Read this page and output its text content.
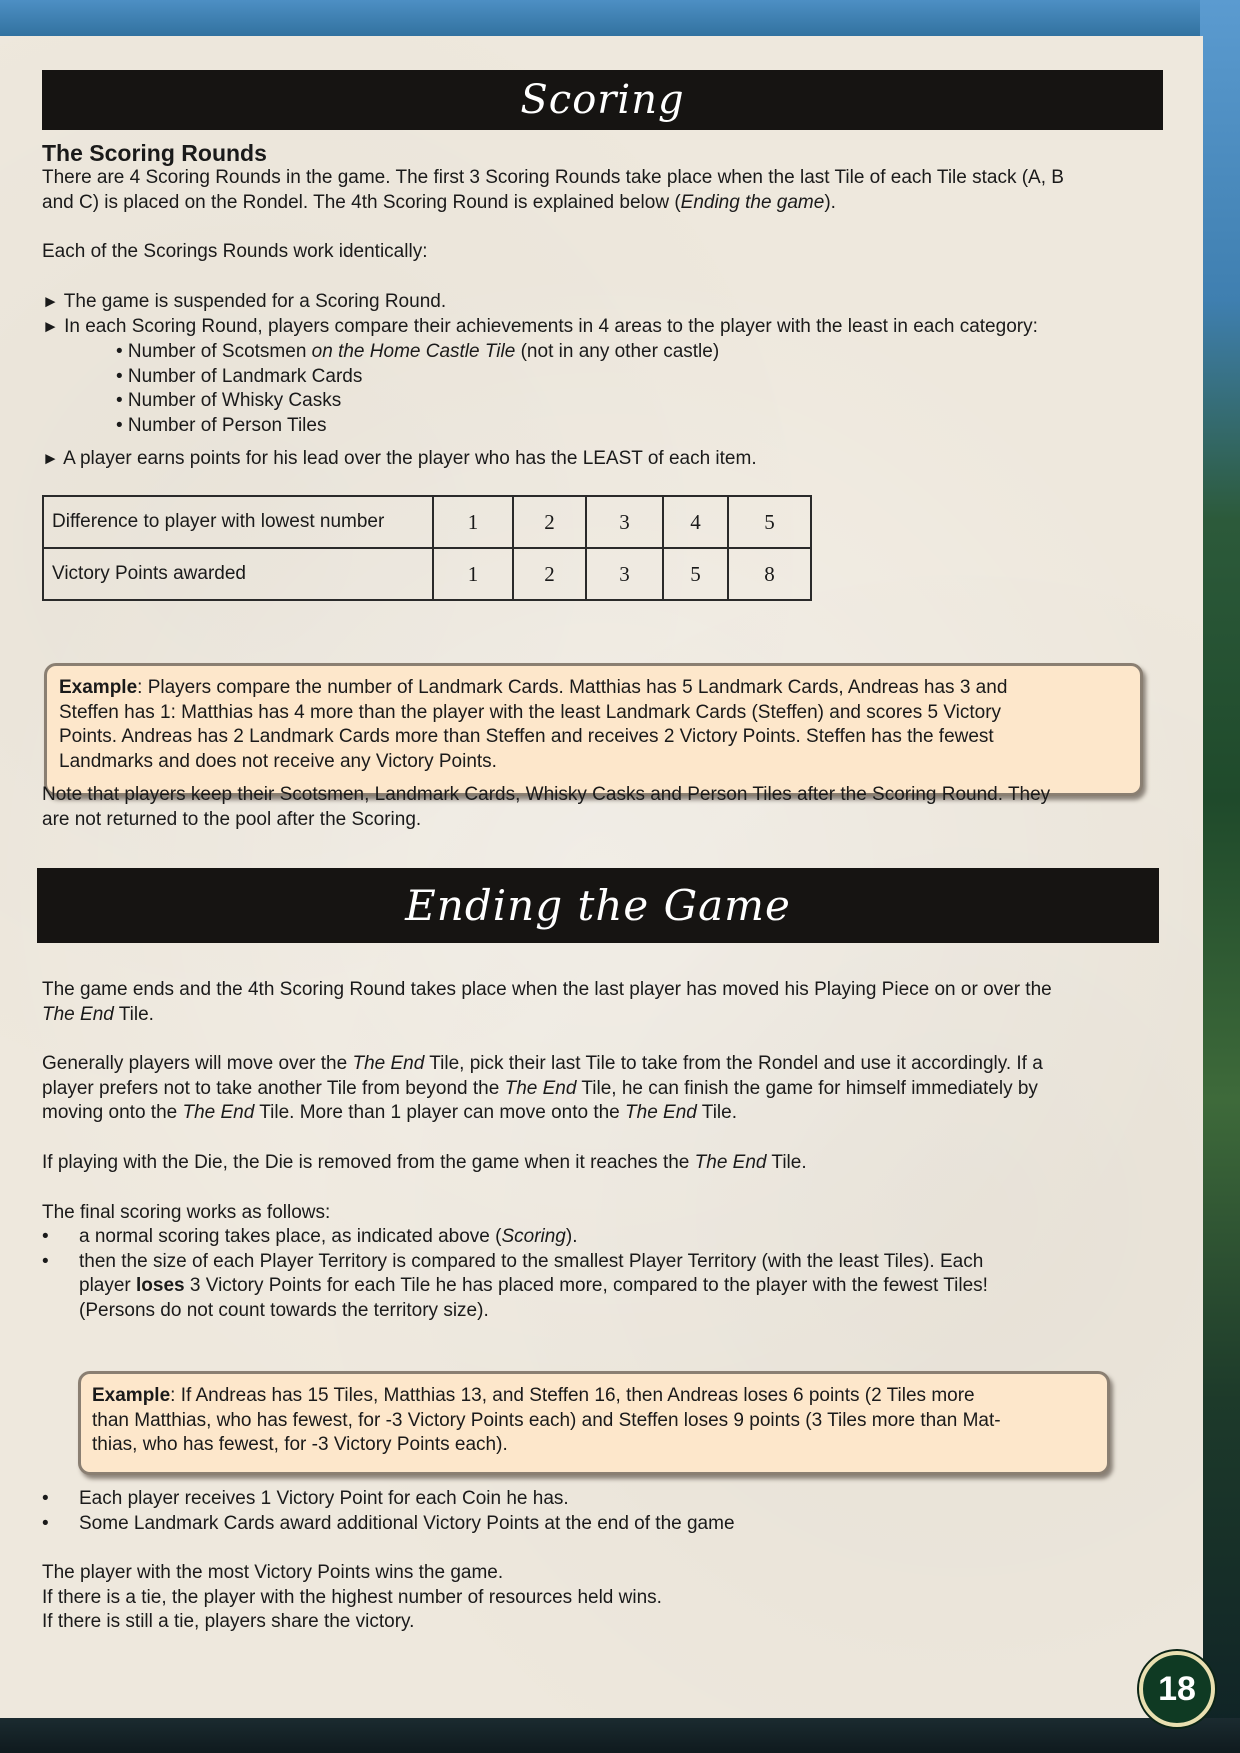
Scoring
The Scoring Rounds
There are 4 Scoring Rounds in the game. The first 3 Scoring Rounds take place when the last Tile of each Tile stack (A, B
and C) is placed on the Rondel. The 4th Scoring Round is explained below (Ending the game).
Each of the Scorings Rounds work identically:
► The game is suspended for a Scoring Round.
► In each Scoring Round, players compare their achievements in 4 areas to the player with the least in each category:
• Number of Scotsmen on the Home Castle Tile (not in any other castle)
• Number of Landmark Cards
• Number of Whisky Casks
• Number of Person Tiles
► A player earns points for his lead over the player who has the LEAST of each item.
Difference to player with lowest number	1	2	3	4	5
Victory Points awarded	1	2	3	5	8
Example: Players compare the number of Landmark Cards. Matthias has 5 Landmark Cards, Andreas has 3 and
Steffen has 1: Matthias has 4 more than the player with the least Landmark Cards (Steffen) and scores 5 Victory
Points. Andreas has 2 Landmark Cards more than Steffen and receives 2 Victory Points. Steffen has the fewest
Landmarks and does not receive any Victory Points.
Note that players keep their Scotsmen, Landmark Cards, Whisky Casks and Person Tiles after the Scoring Round. They
are not returned to the pool after the Scoring.
Ending the Game
The game ends and the 4th Scoring Round takes place when the last player has moved his Playing Piece on or over the
The End Tile.
Generally players will move over the The End Tile, pick their last Tile to take from the Rondel and use it accordingly. If a
player prefers not to take another Tile from beyond the The End Tile, he can finish the game for himself immediately by
moving onto the The End Tile. More than 1 player can move onto the The End Tile.
If playing with the Die, the Die is removed from the game when it reaches the The End Tile.
The final scoring works as follows:
• a normal scoring takes place, as indicated above (Scoring).
• then the size of each Player Territory is compared to the smallest Player Territory (with the least Tiles). Each
player loses 3 Victory Points for each Tile he has placed more, compared to the player with the fewest Tiles!
(Persons do not count towards the territory size).
Example: If Andreas has 15 Tiles, Matthias 13, and Steffen 16, then Andreas loses 6 points (2 Tiles more
than Matthias, who has fewest, for -3 Victory Points each) and Steffen loses 9 points (3 Tiles more than Mat-
thias, who has fewest, for -3 Victory Points each).
• Each player receives 1 Victory Point for each Coin he has.
• Some Landmark Cards award additional Victory Points at the end of the game
The player with the most Victory Points wins the game.
If there is a tie, the player with the highest number of resources held wins.
If there is still a tie, players share the victory.
18
